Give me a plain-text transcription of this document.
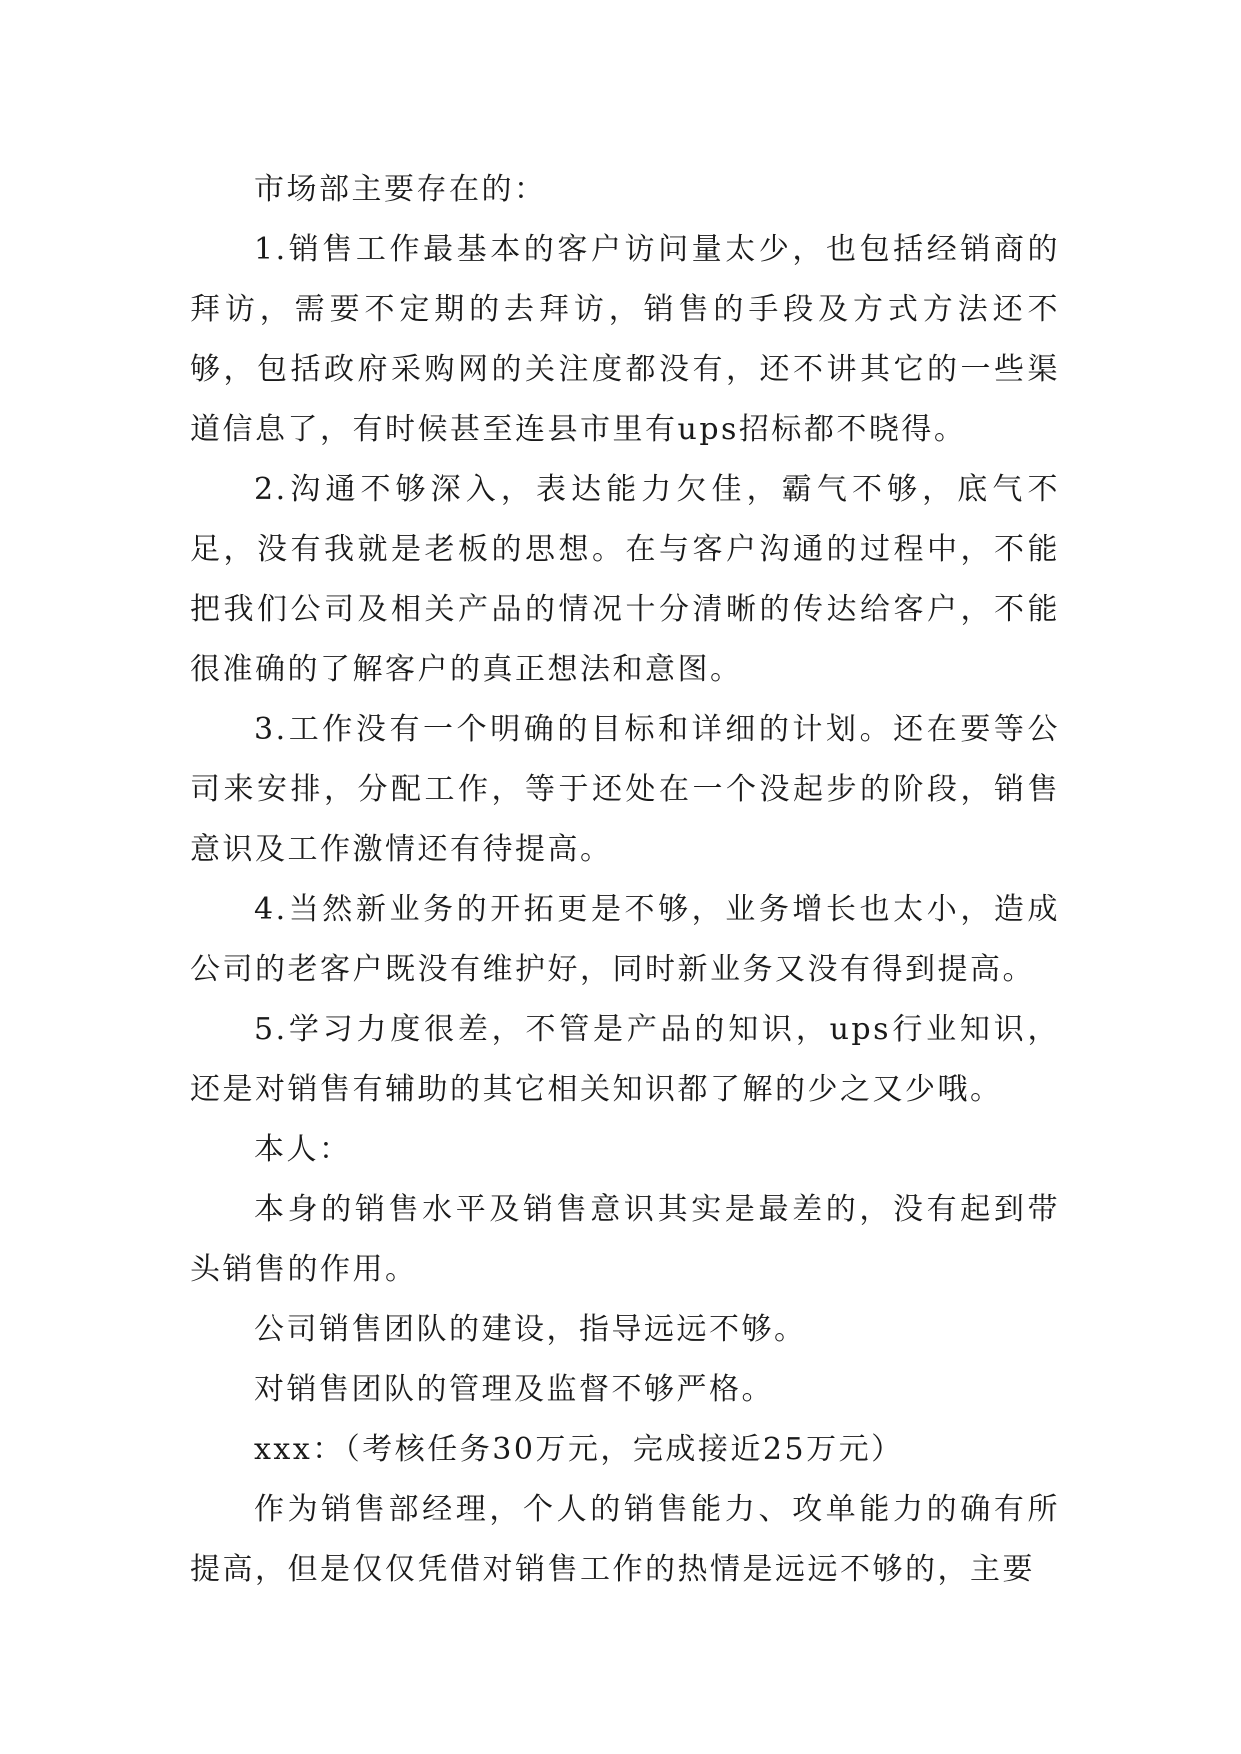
市场部主要存在的：

1.销售工作最基本的客户访问量太少，也包括经销商的拜访，需要不定期的去拜访，销售的手段及方式方法还不够，包括政府采购网的关注度都没有，还不讲其它的一些渠道信息了，有时候甚至连县市里有ups招标都不晓得。

2.沟通不够深入，表达能力欠佳，霸气不够，底气不足，没有我就是老板的思想。在与客户沟通的过程中，不能把我们公司及相关产品的情况十分清晰的传达给客户，不能很准确的了解客户的真正想法和意图。

3.工作没有一个明确的目标和详细的计划。还在要等公司来安排，分配工作，等于还处在一个没起步的阶段，销售意识及工作激情还有待提高。

4.当然新业务的开拓更是不够，业务增长也太小，造成公司的老客户既没有维护好，同时新业务又没有得到提高。

5.学习力度很差，不管是产品的知识，ups行业知识，还是对销售有辅助的其它相关知识都了解的少之又少哦。

本人：

本身的销售水平及销售意识其实是最差的，没有起到带头销售的作用。

公司销售团队的建设，指导远远不够。

对销售团队的管理及监督不够严格。

xxx：（考核任务30万元，完成接近25万元）

作为销售部经理，个人的销售能力、攻单能力的确有所提高，但是仅仅凭借对销售工作的热情是远远不够的，主要
